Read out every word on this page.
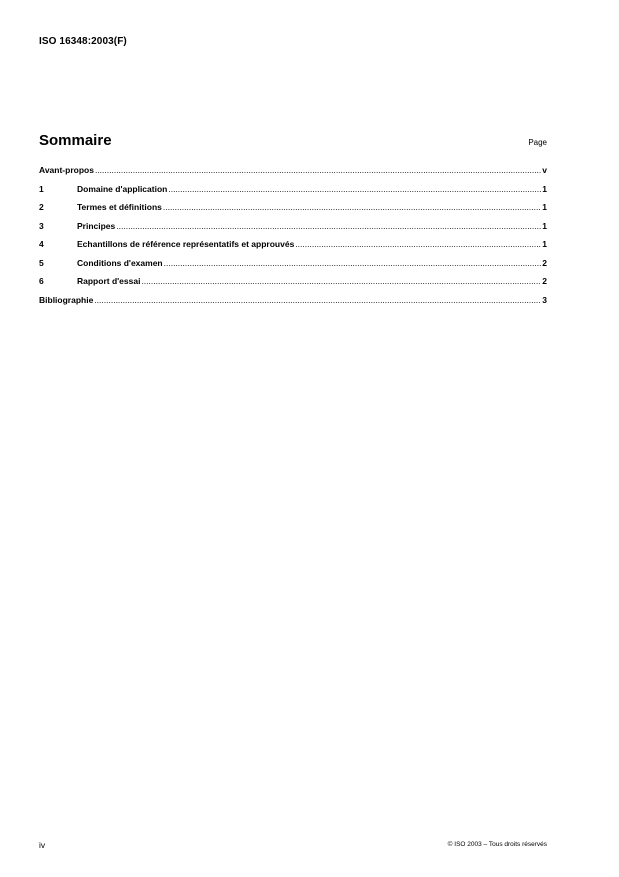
ISO 16348:2003(F)
Sommaire	Page
Avant-propos .....	v
1	Domaine d'application .....	1
2	Termes et définitions .....	1
3	Principes .....	1
4	Echantillons de référence représentatifs et approuvés .....	1
5	Conditions d'examen .....	2
6	Rapport d'essai .....	2
Bibliographie .....	3
iv	© ISO 2003 – Tous droits réservés
